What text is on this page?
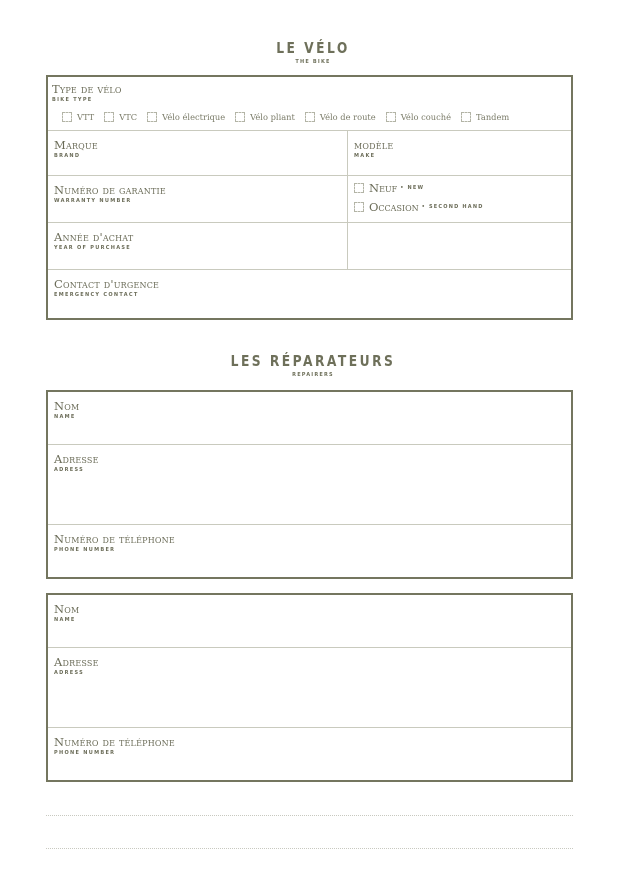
LE VÉLO
THE BIKE
Type de vélo
BIKE TYPE
VTT	VTC	Vélo électrique	Vélo pliant	Vélo de route	Vélo couché	Tandem
Marque
BRAND
modèle
MAKE
Numéro de garantie
WARRANTY NUMBER
Neuf • NEW
Occasion • SECOND HAND
Année d'achat
YEAR OF PURCHASE
Contact d'urgence
EMERGENCY CONTACT
LES RÉPARATEURS
REPAIRERS
Nom
NAME
Adresse
ADRESS
Numéro de téléphone
PHONE NUMBER
Nom
NAME
Adresse
ADRESS
Numéro de téléphone
PHONE NUMBER
